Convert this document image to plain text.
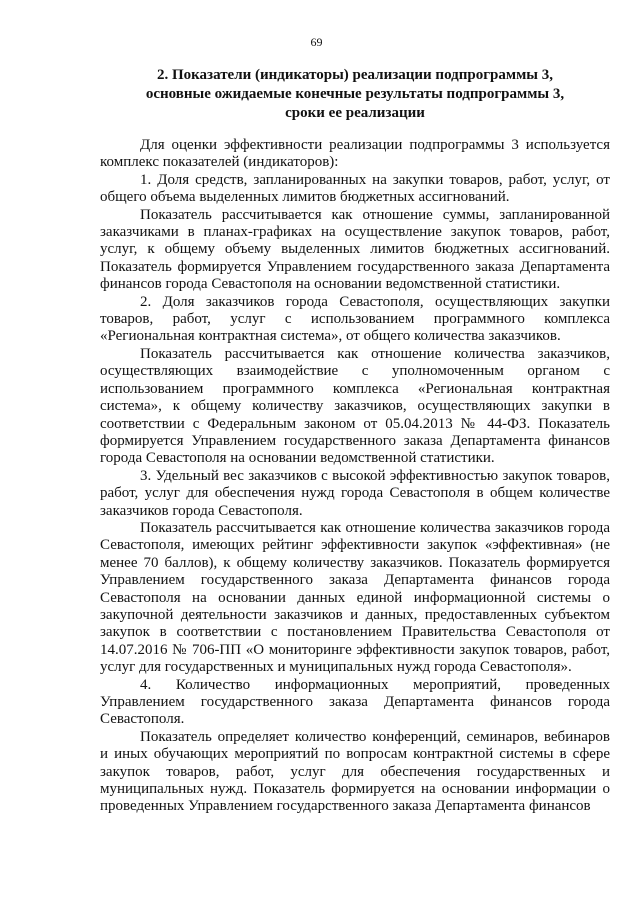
69
2. Показатели (индикаторы) реализации подпрограммы 3,
основные ожидаемые конечные результаты подпрограммы 3,
сроки ее реализации

Для оценки эффективности реализации подпрограммы 3 используется комплекс показателей (индикаторов):

1. Доля средств, запланированных на закупки товаров, работ, услуг, от общего объема выделенных лимитов бюджетных ассигнований.

Показатель рассчитывается как отношение суммы, запланированной заказчиками в планах-графиках на осуществление закупок товаров, работ, услуг, к общему объему выделенных лимитов бюджетных ассигнований. Показатель формируется Управлением государственного заказа Департамента финансов города Севастополя на основании ведомственной статистики.

2. Доля заказчиков города Севастополя, осуществляющих закупки товаров, работ, услуг с использованием программного комплекса «Региональная контрактная система», от общего количества заказчиков.

Показатель рассчитывается как отношение количества заказчиков, осуществляющих взаимодействие с уполномоченным органом с использованием программного комплекса «Региональная контрактная система», к общему количеству заказчиков, осуществляющих закупки в соответствии с Федеральным законом от 05.04.2013 № 44-ФЗ. Показатель формируется Управлением государственного заказа Департамента финансов города Севастополя на основании ведомственной статистики.

3. Удельный вес заказчиков с высокой эффективностью закупок товаров, работ, услуг для обеспечения нужд города Севастополя в общем количестве заказчиков города Севастополя.

Показатель рассчитывается как отношение количества заказчиков города Севастополя, имеющих рейтинг эффективности закупок «эффективная» (не менее 70 баллов), к общему количеству заказчиков. Показатель формируется Управлением государственного заказа Департамента финансов города Севастополя на основании данных единой информационной системы о закупочной деятельности заказчиков и данных, предоставленных субъектом закупок в соответствии с постановлением Правительства Севастополя от 14.07.2016 № 706-ПП «О мониторинге эффективности закупок товаров, работ, услуг для государственных и муниципальных нужд города Севастополя».

4. Количество информационных мероприятий, проведенных Управлением государственного заказа Департамента финансов города Севастополя.

Показатель определяет количество конференций, семинаров, вебинаров и иных обучающих мероприятий по вопросам контрактной системы в сфере закупок товаров, работ, услуг для обеспечения государственных и муниципальных нужд. Показатель формируется на основании информации о проведенных Управлением государственного заказа Департамента финансов
